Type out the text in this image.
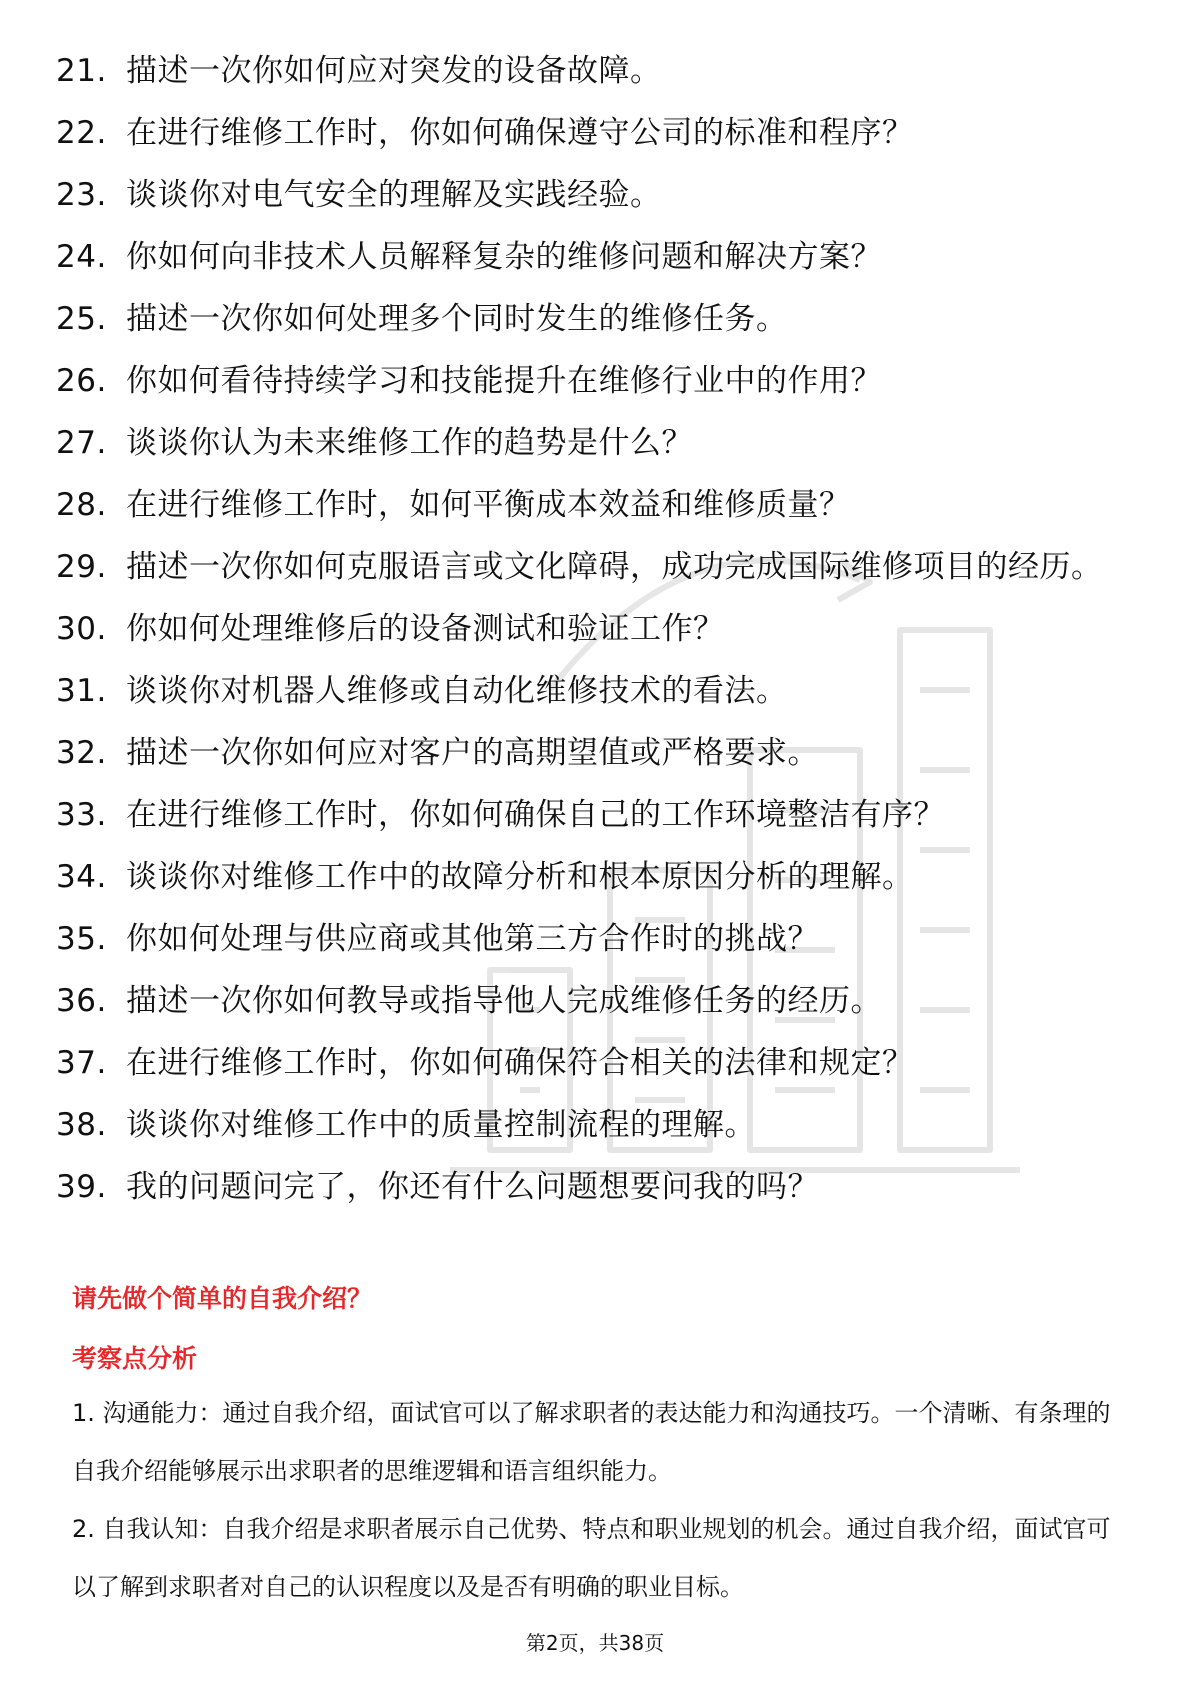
21. 描述一次你如何应对突发的设备故障。
22. 在进行维修工作时，你如何确保遵守公司的标准和程序？
23. 谈谈你对电气安全的理解及实践经验。
24. 你如何向非技术人员解释复杂的维修问题和解决方案？
25. 描述一次你如何处理多个同时发生的维修任务。
26. 你如何看待持续学习和技能提升在维修行业中的作用？
27. 谈谈你认为未来维修工作的趋势是什么？
28. 在进行维修工作时，如何平衡成本效益和维修质量？
29. 描述一次你如何克服语言或文化障碍，成功完成国际维修项目的经历。
30. 你如何处理维修后的设备测试和验证工作？
31. 谈谈你对机器人维修或自动化维修技术的看法。
32. 描述一次你如何应对客户的高期望值或严格要求。
33. 在进行维修工作时，你如何确保自己的工作环境整洁有序？
34. 谈谈你对维修工作中的故障分析和根本原因分析的理解。
35. 你如何处理与供应商或其他第三方合作时的挑战？
36. 描述一次你如何教导或指导他人完成维修任务的经历。
37. 在进行维修工作时，你如何确保符合相关的法律和规定？
38. 谈谈你对维修工作中的质量控制流程的理解。
39. 我的问题问完了，你还有什么问题想要问我的吗？
请先做个简单的自我介绍？
考察点分析
1. 沟通能力：通过自我介绍，面试官可以了解求职者的表达能力和沟通技巧。一个清晰、有条理的自我介绍能够展示出求职者的思维逻辑和语言组织能力。
2. 自我认知：自我介绍是求职者展示自己优势、特点和职业规划的机会。通过自我介绍，面试官可以了解到求职者对自己的认识程度以及是否有明确的职业目标。
第2页，共38页
